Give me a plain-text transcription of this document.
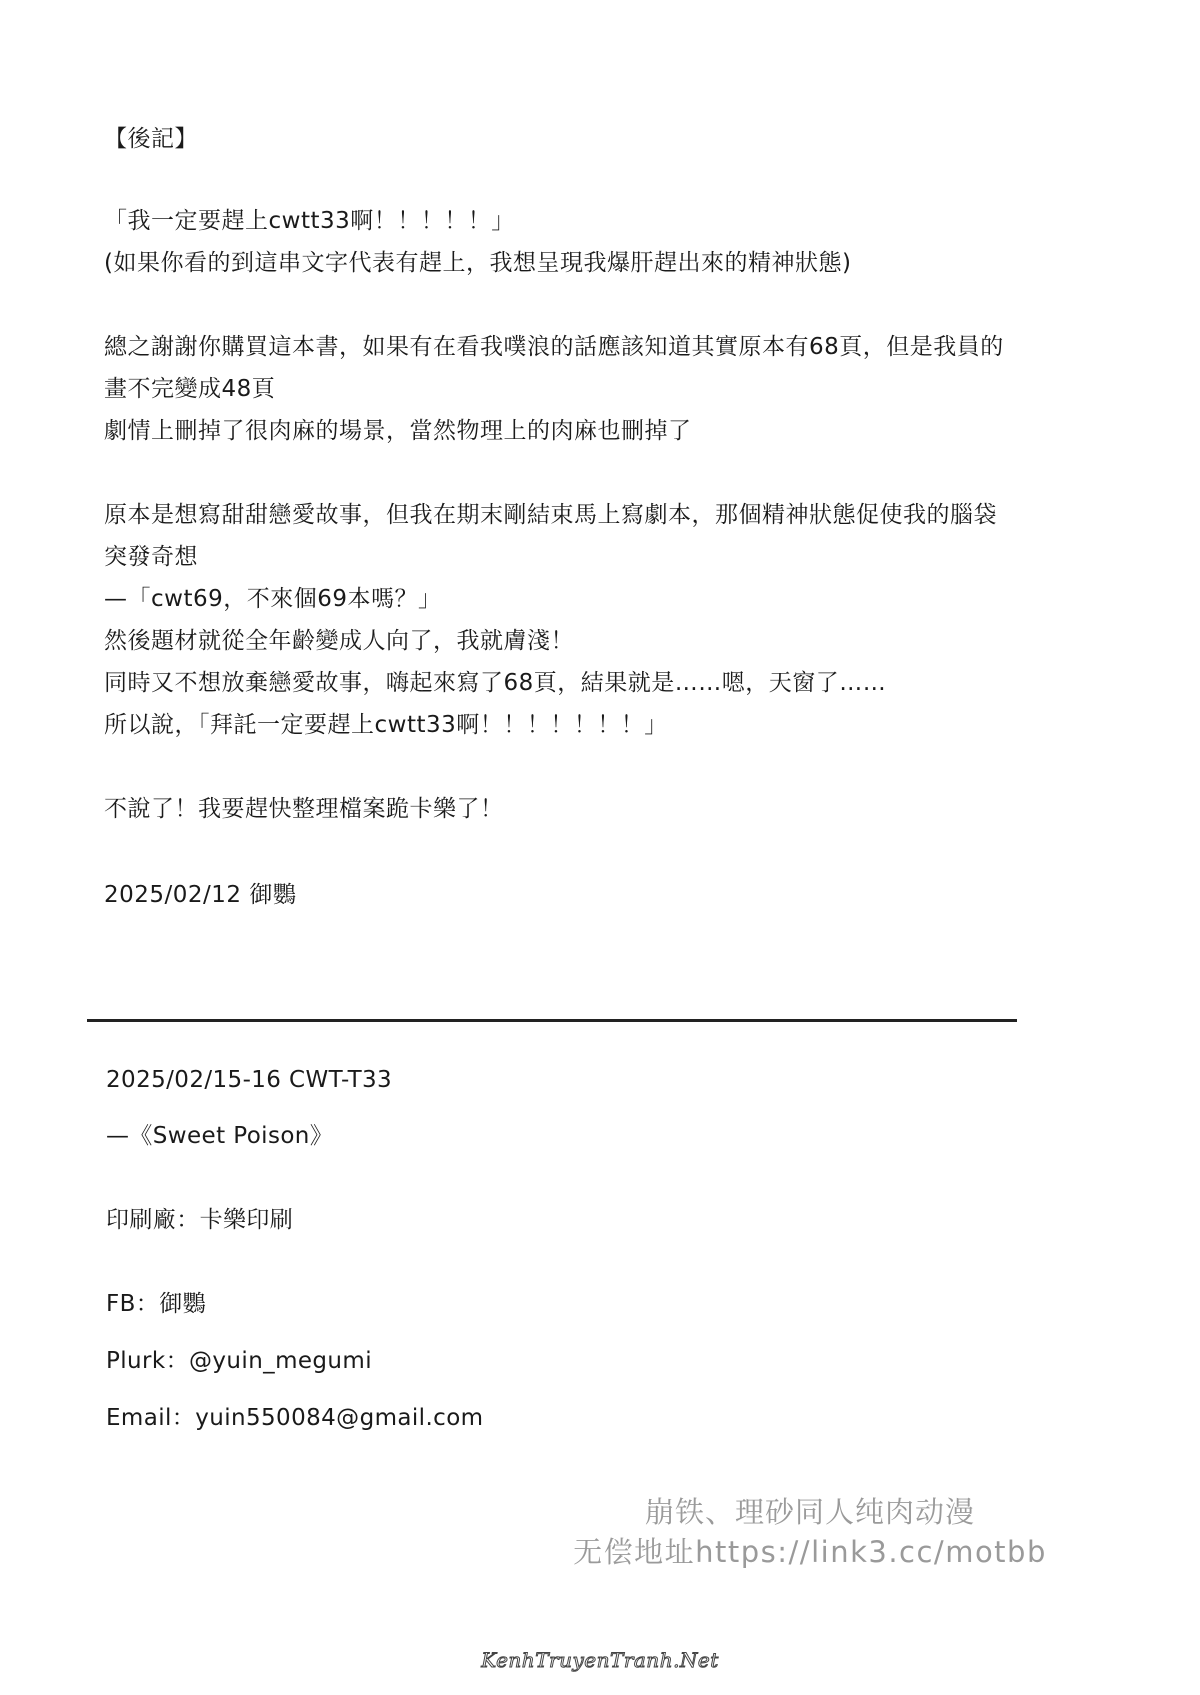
【後記】
「我一定要趕上cwtt33啊！！！！！」
(如果你看的到這串文字代表有趕上，我想呈現我爆肝趕出來的精神狀態)
總之謝謝你購買這本書，如果有在看我噗浪的話應該知道其實原本有68頁，但是我員的
畫不完變成48頁
劇情上刪掉了很肉麻的場景，當然物理上的肉麻也刪掉了
原本是想寫甜甜戀愛故事，但我在期末剛結束馬上寫劇本，那個精神狀態促使我的腦袋
突發奇想
—「cwt69，不來個69本嗎？」
然後題材就從全年齡變成人向了，我就膚淺！
同時又不想放棄戀愛故事，嗨起來寫了68頁，結果就是……嗯，天窗了……
所以說，「拜託一定要趕上cwtt33啊！！！！！！！」
不說了！我要趕快整理檔案跪卡樂了！
2025/02/12 御鸚
2025/02/15-16 CWT-T33
—《Sweet Poison》
印刷廠：卡樂印刷
FB：御鸚
Plurk：@yuin_megumi
Email：yuin550084@gmail.com
崩铁、理砂同人纯肉动漫
无偿地址https://link3.cc/motbb
KenhTruyenTranh.Net
